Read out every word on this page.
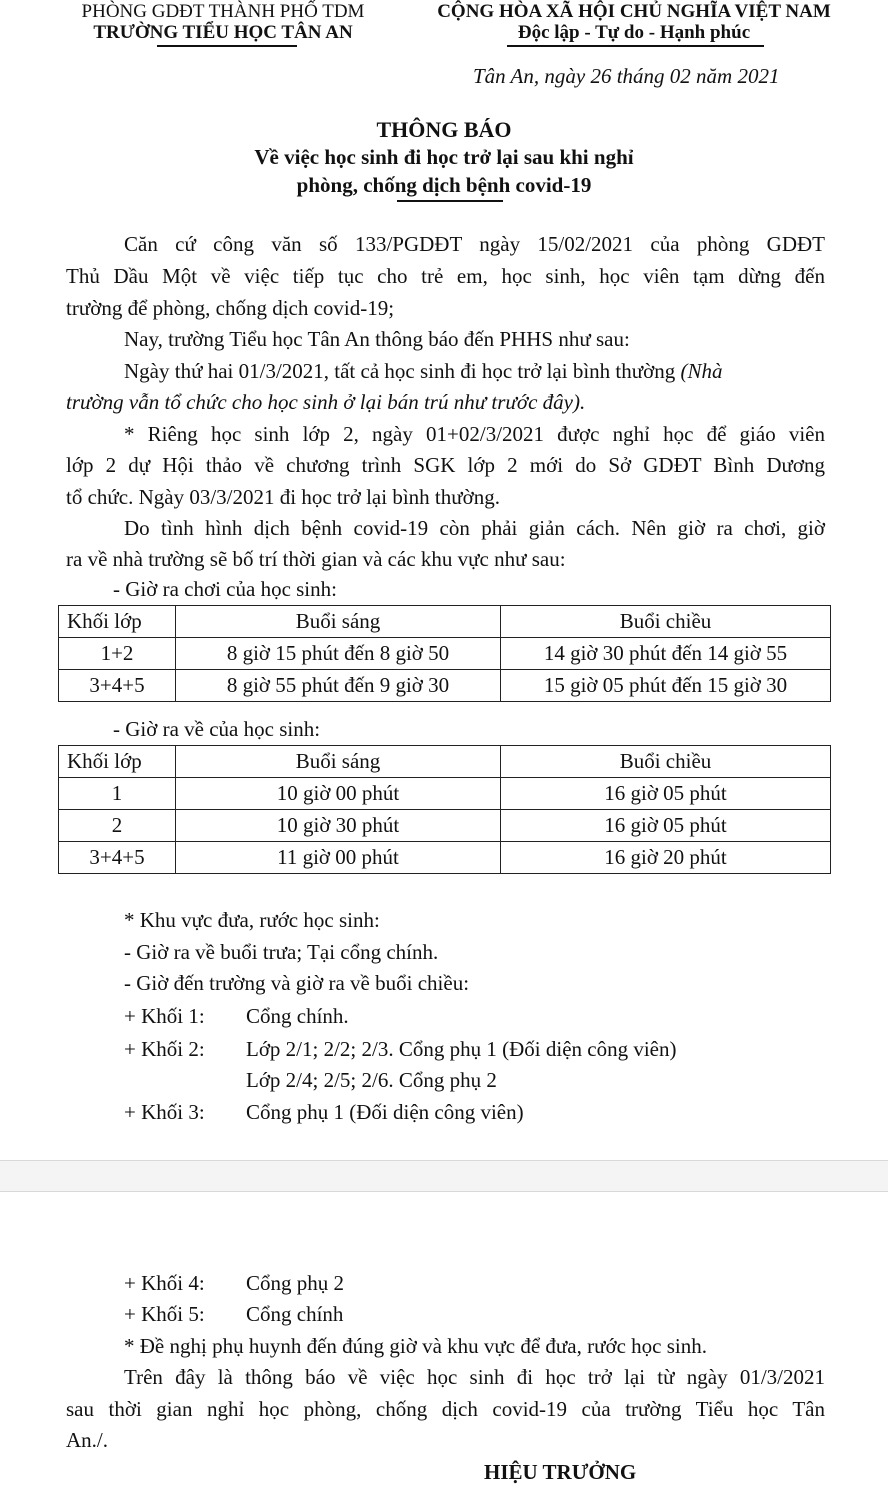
PHÒNG GDĐT THÀNH PHỐ TDM
TRƯỜNG TIỂU HỌC TÂN AN
CỘNG HÒA XÃ HỘI CHỦ NGHĨA VIỆT NAM
Độc lập - Tự do - Hạnh phúc
Tân An, ngày 26 tháng 02 năm 2021
THÔNG BÁO
Về việc học sinh đi học trở lại sau khi nghỉ
phòng, chống dịch bệnh covid-19
Căn cứ công văn số 133/PGDĐT ngày 15/02/2021 của phòng GDĐT
Thủ Dầu Một về việc tiếp tục cho trẻ em, học sinh, học viên tạm dừng đến
trường để phòng, chống dịch covid-19;
Nay, trường Tiểu học Tân An thông báo đến PHHS như sau:
Ngày thứ hai 01/3/2021, tất cả học sinh đi học trở lại bình thường (Nhà
trường vẫn tổ chức cho học sinh ở lại bán trú như trước đây).
* Riêng học sinh lớp 2, ngày 01+02/3/2021 được nghỉ học để giáo viên
lớp 2 dự Hội thảo về chương trình SGK lớp 2 mới do Sở GDĐT Bình Dương
tổ chức. Ngày 03/3/2021 đi học trở lại bình thường.
Do tình hình dịch bệnh covid-19 còn phải giản cách. Nên giờ ra chơi, giờ
ra về nhà trường sẽ bố trí thời gian và các khu vực như sau:
- Giờ ra chơi của học sinh:
Khối lớp	Buổi sáng	Buổi chiều
1+2	8 giờ 15 phút đến 8 giờ 50	14 giờ 30 phút đến 14 giờ 55
3+4+5	8 giờ 55 phút đến 9 giờ 30	15 giờ 05 phút đến 15 giờ 30
- Giờ ra về của học sinh:
Khối lớp	Buổi sáng	Buổi chiều
1	10 giờ 00 phút	16 giờ 05 phút
2	10 giờ 30 phút	16 giờ 05 phút
3+4+5	11 giờ 00 phút	16 giờ 20 phút
* Khu vực đưa, rước học sinh:
- Giờ ra về buổi trưa; Tại cổng chính.
- Giờ đến trường và giờ ra về buổi chiều:
+ Khối 1: Cổng chính.
+ Khối 2: Lớp 2/1; 2/2; 2/3. Cổng phụ 1 (Đối diện công viên)
Lớp 2/4; 2/5; 2/6. Cổng phụ 2
+ Khối 3: Cổng phụ 1 (Đối diện công viên)
+ Khối 4: Cổng phụ 2
+ Khối 5: Cổng chính
* Đề nghị phụ huynh đến đúng giờ và khu vực để đưa, rước học sinh.
Trên đây là thông báo về việc học sinh đi học trở lại từ ngày 01/3/2021
sau thời gian nghỉ học phòng, chống dịch covid-19 của trường Tiểu học Tân
An./.
HIỆU TRƯỞNG
